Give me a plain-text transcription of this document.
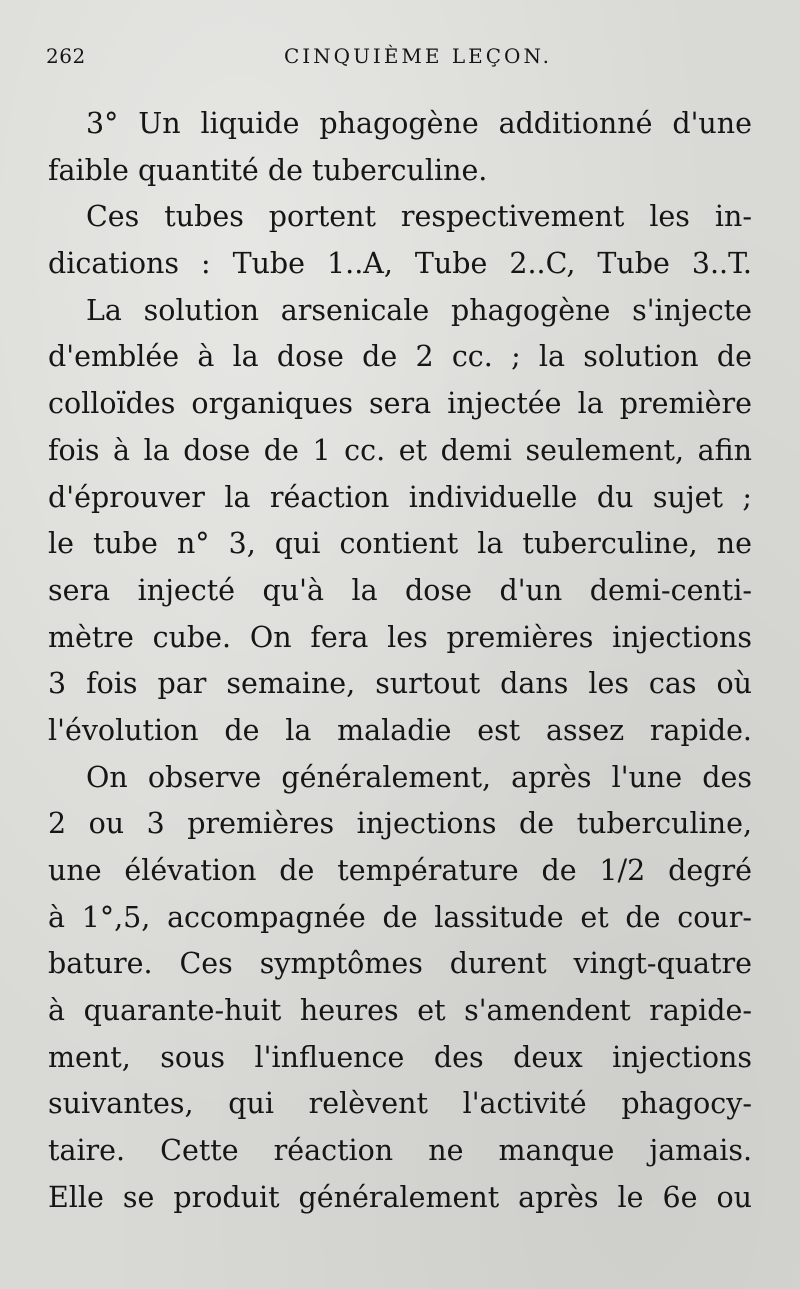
262	CINQUIÈME LEÇON.
3° Un liquide phagogène additionné d'une
faible quantité de tuberculine.
Ces tubes portent respectivement les in-
dications : Tube 1..A, Tube 2..C, Tube 3..T.
La solution arsenicale phagogène s'injecte
d'emblée à la dose de 2 cc. ; la solution de
colloïdes organiques sera injectée la première
fois à la dose de 1 cc. et demi seulement, afin
d'éprouver la réaction individuelle du sujet ;
le tube n° 3, qui contient la tuberculine, ne
sera injecté qu'à la dose d'un demi-centi-
mètre cube. On fera les premières injections
3 fois par semaine, surtout dans les cas où
l'évolution de la maladie est assez rapide.
On observe généralement, après l'une des
2 ou 3 premières injections de tuberculine,
une élévation de température de 1/2 degré
à 1°,5, accompagnée de lassitude et de cour-
bature. Ces symptômes durent vingt-quatre
à quarante-huit heures et s'amendent rapide-
ment, sous l'influence des deux injections
suivantes, qui relèvent l'activité phagocy-
taire. Cette réaction ne manque jamais.
Elle se produit généralement après le 6e ou
